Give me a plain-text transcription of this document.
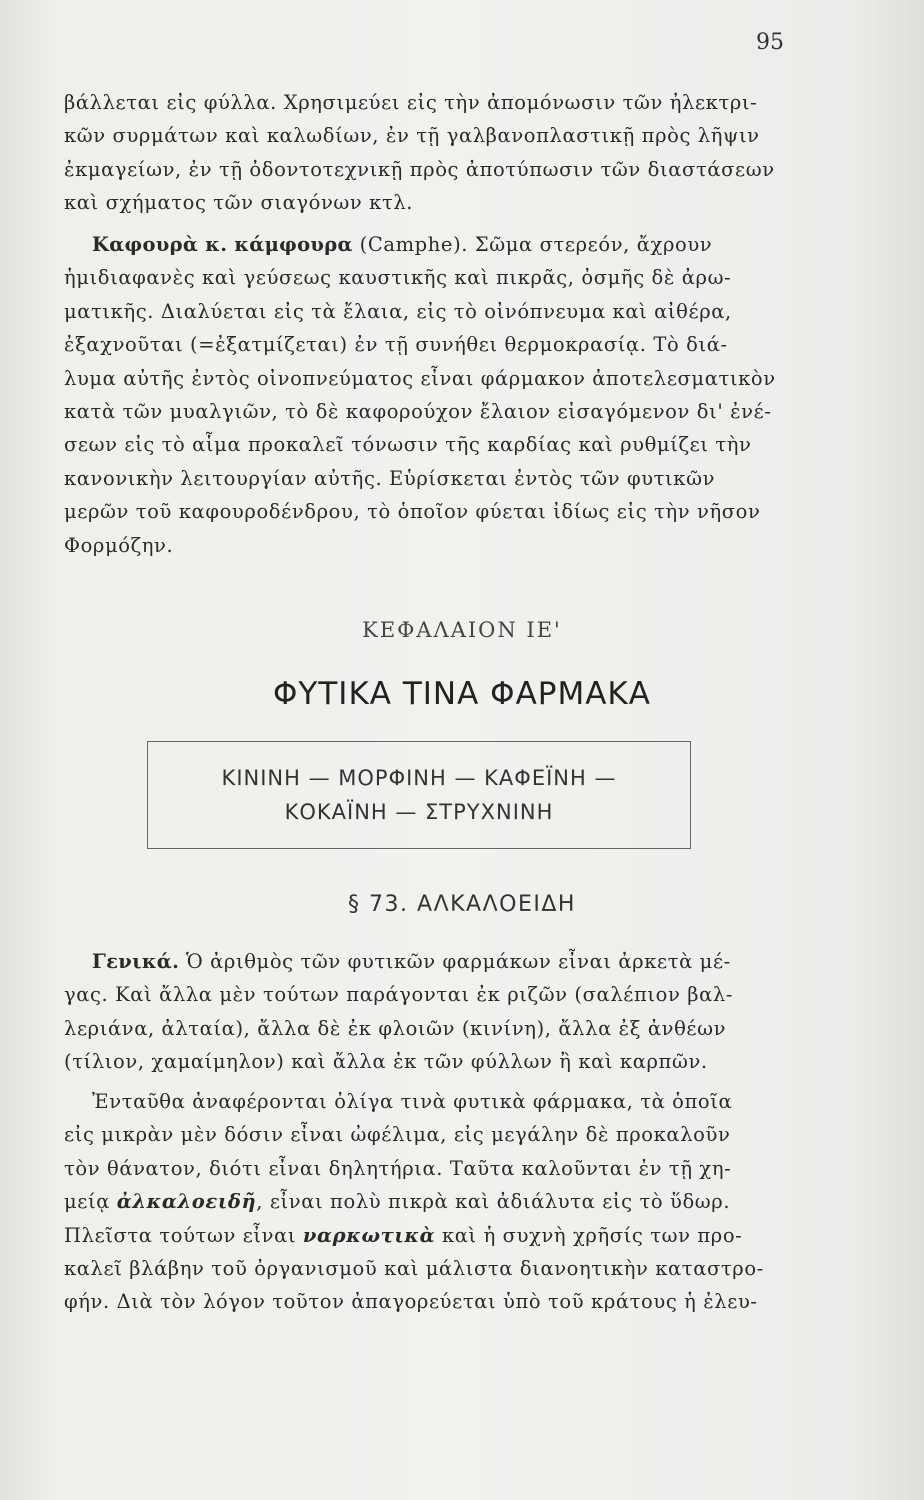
95
βάλλεται εἰς φύλλα. Χρησιμεύει εἰς τὴν ἀπομόνωσιν τῶν ἠλεκτρι-
κῶν συρμάτων καὶ καλωδίων, ἐν τῇ γαλβανοπλαστικῇ πρὸς λῆψιν
ἐκμαγείων, ἐν τῇ ὀδοντοτεχνικῇ πρὸς ἀποτύπωσιν τῶν διαστάσεων
καὶ σχήματος τῶν σιαγόνων κτλ.
Καφουρὰ κ. κάμφουρα (Camphe). Σῶμα στερεόν, ἄχρουν
ἡμιδιαφανὲς καὶ γεύσεως καυστικῆς καὶ πικρᾶς, ὀσμῆς δὲ ἀρω-
ματικῆς. Διαλύεται εἰς τὰ ἔλαια, εἰς τὸ οἰνόπνευμα καὶ αἰθέρα,
ἐξαχνοῦται (=ἐξατμίζεται) ἐν τῇ συνήθει θερμοκρασίᾳ. Τὸ διά-
λυμα αὐτῆς ἐντὸς οἰνοπνεύματος εἶναι φάρμακον ἀποτελεσματικὸν
κατὰ τῶν μυαλγιῶν, τὸ δὲ καφορούχον ἔλαιον εἰσαγόμενον δι' ἐνέ-
σεων εἰς τὸ αἷμα προκαλεῖ τόνωσιν τῆς καρδίας καὶ ρυθμίζει τὴν
κανονικὴν λειτουργίαν αὐτῆς. Εὑρίσκεται ἐντὸς τῶν φυτικῶν
μερῶν τοῦ καφουροδένδρου, τὸ ὁποῖον φύεται ἰδίως εἰς τὴν νῆσον
Φορμόζην.
ΚΕΦΑΛΑΙΟΝ ΙΕ'
ΦΥΤΙΚΑ ΤΙΝΑ ΦΑΡΜΑΚΑ
ΚΙΝΙΝΗ — ΜΟΡΦΙΝΗ — ΚΑΦΕΪΝΗ —
ΚΟΚΑΪΝΗ — ΣΤΡΥΧΝΙΝΗ
§ 73. ΑΛΚΑΛΟΕΙΔΗ
Γενικά. Ὁ ἀριθμὸς τῶν φυτικῶν φαρμάκων εἶναι ἀρκετὰ μέ-
γας. Καὶ ἄλλα μὲν τούτων παράγονται ἐκ ριζῶν (σαλέπιον βαλ-
λεριάνα, ἀλταία), ἄλλα δὲ ἐκ φλοιῶν (κινίνη), ἄλλα ἐξ ἀνθέων
(τίλιον, χαμαίμηλον) καὶ ἄλλα ἐκ τῶν φύλλων ἢ καὶ καρπῶν.
Ἐνταῦθα ἀναφέρονται ὀλίγα τινὰ φυτικὰ φάρμακα, τὰ ὁποῖα
εἰς μικρὰν μὲν δόσιν εἶναι ὠφέλιμα, εἰς μεγάλην δὲ προκαλοῦν
τὸν θάνατον, διότι εἶναι δηλητήρια. Ταῦτα καλοῦνται ἐν τῇ χη-
μείᾳ ἀλκαλοειδῆ, εἶναι πολὺ πικρὰ καὶ ἀδιάλυτα εἰς τὸ ὕδωρ.
Πλεῖστα τούτων εἶναι ναρκωτικὰ καὶ ἡ συχνὴ χρῆσίς των προ-
καλεῖ βλάβην τοῦ ὀργανισμοῦ καὶ μάλιστα διανοητικὴν καταστρο-
φήν. Διὰ τὸν λόγον τοῦτον ἀπαγορεύεται ὑπὸ τοῦ κράτους ἡ ἐλευ-
